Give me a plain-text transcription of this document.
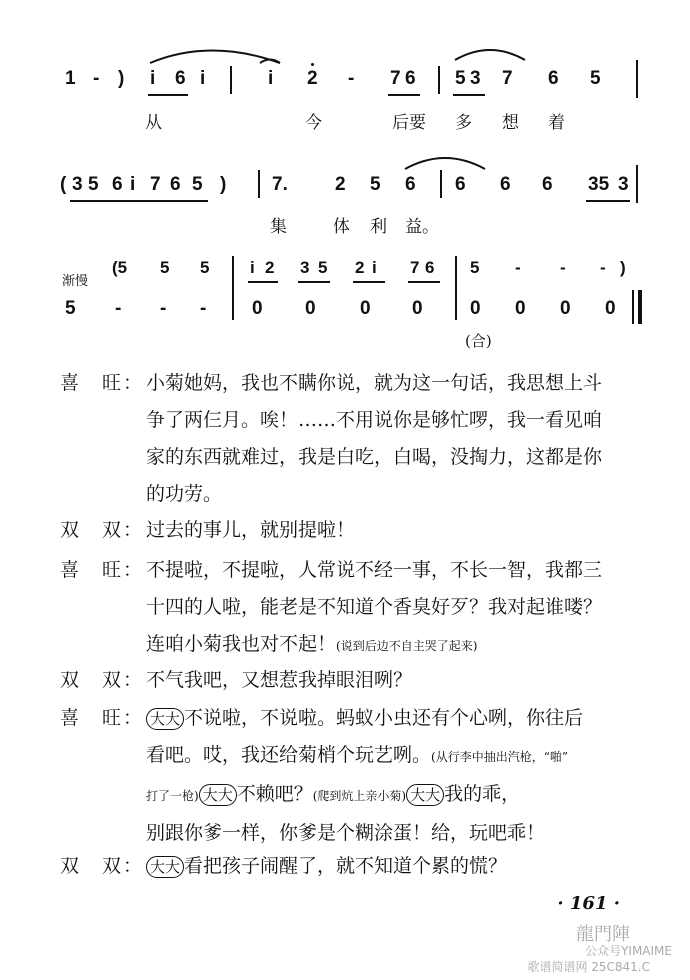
1 - ) i 6 i	i 2 - 7 6 5 3 7 6 5
从	今	后 要 多 想 着
( 3 5 6 i 7 6 5 ) 7. 2 5 6 6 6 6 35 3
集	体 利 益。
渐慢
(5 5 5 i 2 3 5 2 i 7 6 5 - - - )
5 - - - 0 0 0 0 0 0 0 0
(合)
喜　旺： 小菊她妈，我也不瞒你说，就为这一句话，我思想上斗
争了两仨月。唉！……不用说你是够忙啰，我一看见咱
家的东西就难过，我是白吃，白喝，没掏力，这都是你
的功劳。
双　双： 过去的事儿，就别提啦！
喜　旺： 不提啦，不提啦，人常说不经一事，不长一智，我都三
十四的人啦，能老是不知道个香臭好歹？我对起谁喽？
连咱小菊我也对不起！(说到后边不自主哭了起来)
双　双： 不气我吧，又想惹我掉眼泪咧？
喜　旺： 大大 不说啦，不说啦。蚂蚁小虫还有个心咧，你往后
看吧。哎，我还给菊梢个玩艺咧。(从行李中抽出汽枪，“啪”
打了一枪) 大大 不赖吧？(爬到炕上亲小菊) 大大 我的乖，
别跟你爹一样，你爹是个糊涂蛋！给，玩吧乖！
双　双： 大大 看把孩子闹醒了，就不知道个累的慌？
· 161 ·
龍門陣
公众号YIMAIME
歌谱简谱网 25C841.C
